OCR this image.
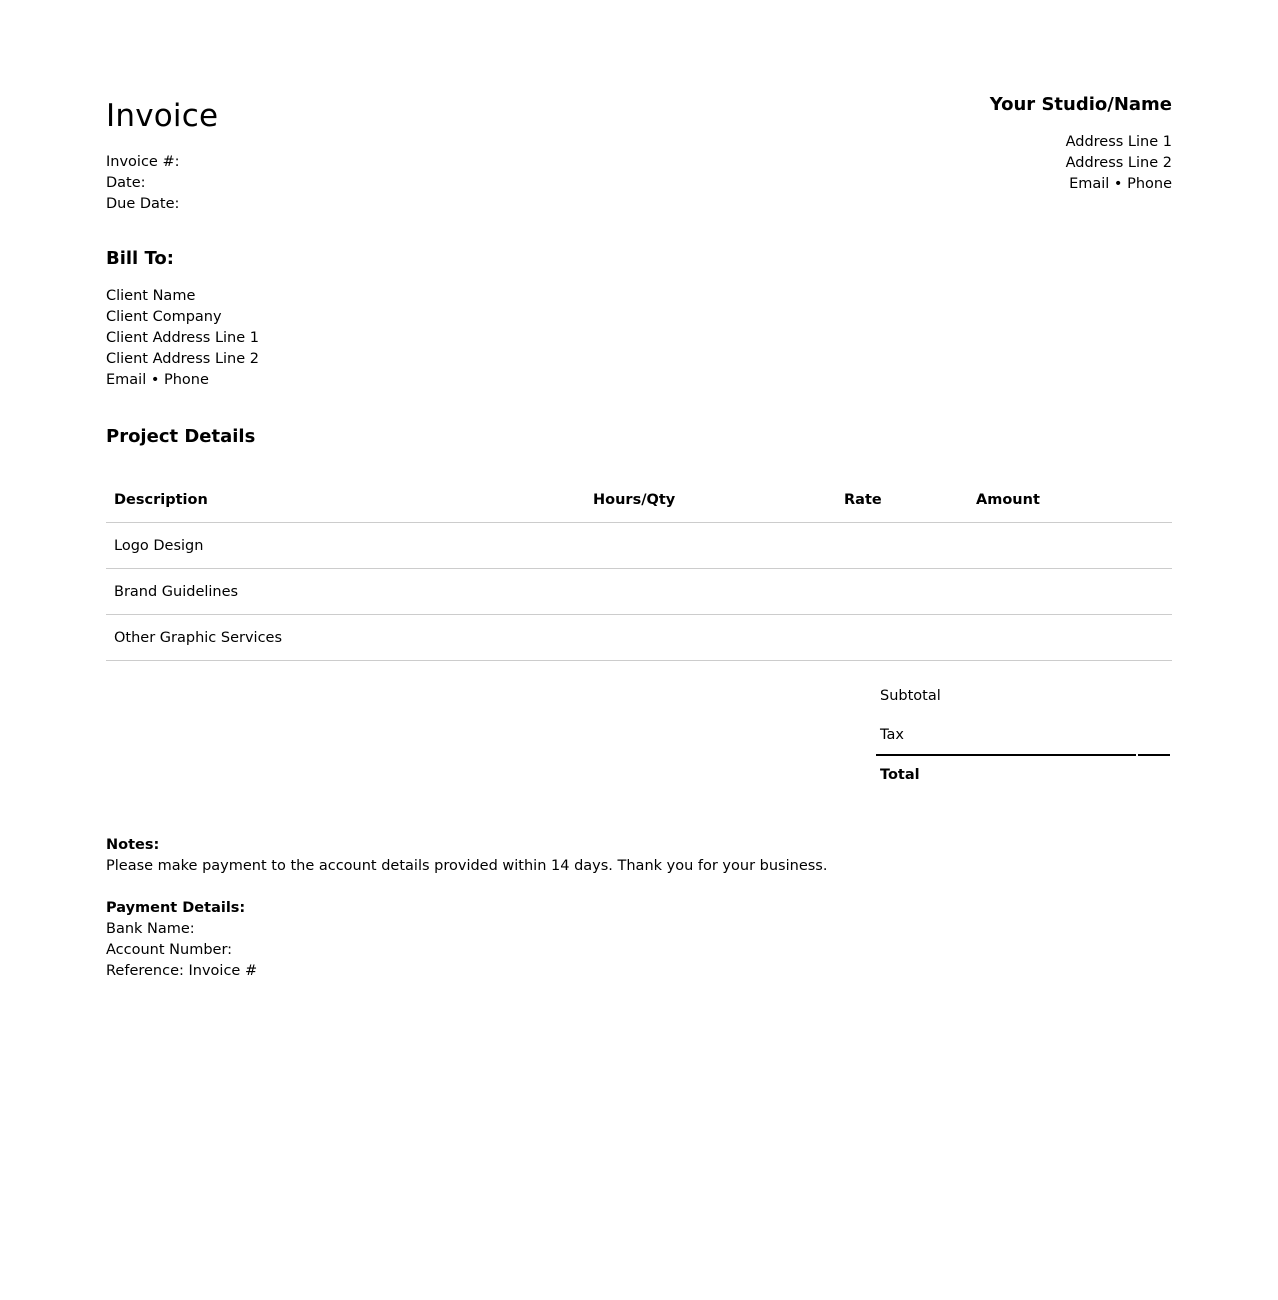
Invoice
Invoice #:
Date:
Due Date:
Your Studio/Name
Address Line 1
Address Line 2
Email • Phone
Bill To:
Client Name
Client Company
Client Address Line 1
Client Address Line 2
Email • Phone
Project Details
Description	Hours/Qty	Rate	Amount
Logo Design			
Brand Guidelines			
Other Graphic Services			
Subtotal	
Tax	
Total	
Notes:
Please make payment to the account details provided within 14 days. Thank you for your business.
Payment Details:
Bank Name:
Account Number:
Reference: Invoice #
